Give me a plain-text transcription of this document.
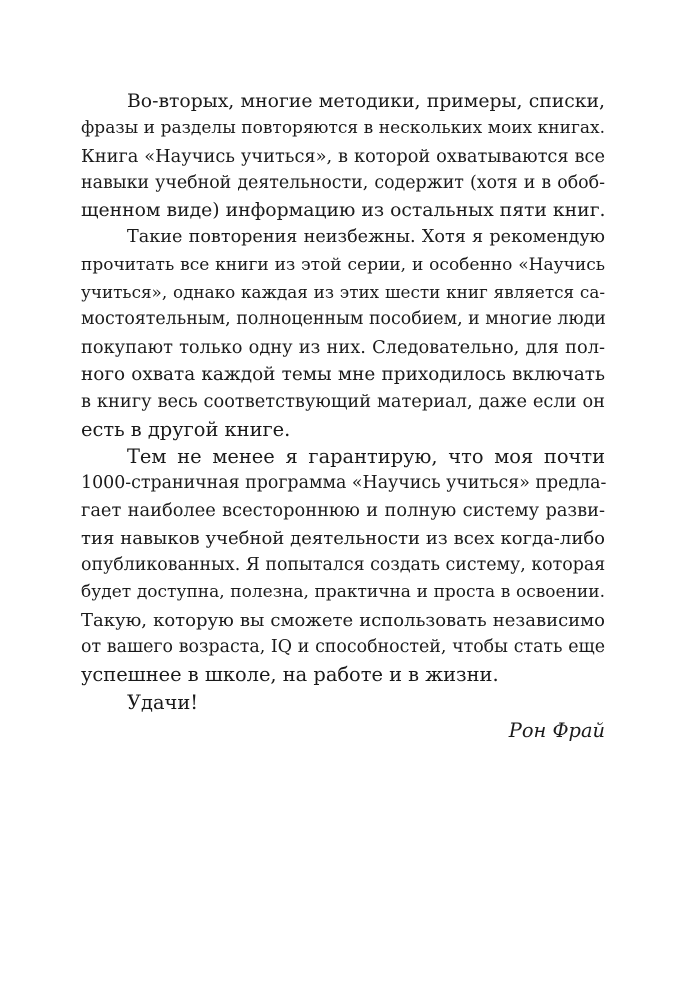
Во-вторых, многие методики, примеры, списки,
фразы и разделы повторяются в нескольких моих книгах.
Книга «Научись учиться», в которой охватываются все
навыки учебной деятельности, содержит (хотя и в обоб-
щенном виде) информацию из остальных пяти книг.
Такие повторения неизбежны. Хотя я рекомендую
прочитать все книги из этой серии, и особенно «Научись
учиться», однако каждая из этих шести книг является са-
мостоятельным, полноценным пособием, и многие люди
покупают только одну из них. Следовательно, для пол-
ного охвата каждой темы мне приходилось включать
в книгу весь соответствующий материал, даже если он
есть в другой книге.
Тем не менее я гарантирую, что моя почти
1000-страничная программа «Научись учиться» предла-
гает наиболее всестороннюю и полную систему разви-
тия навыков учебной деятельности из всех когда-либо
опубликованных. Я попытался создать систему, которая
будет доступна, полезна, практична и проста в освоении.
Такую, которую вы сможете использовать независимо
от вашего возраста, IQ и способностей, чтобы стать еще
успешнее в школе, на работе и в жизни.
Удачи!
Рон Фрай
